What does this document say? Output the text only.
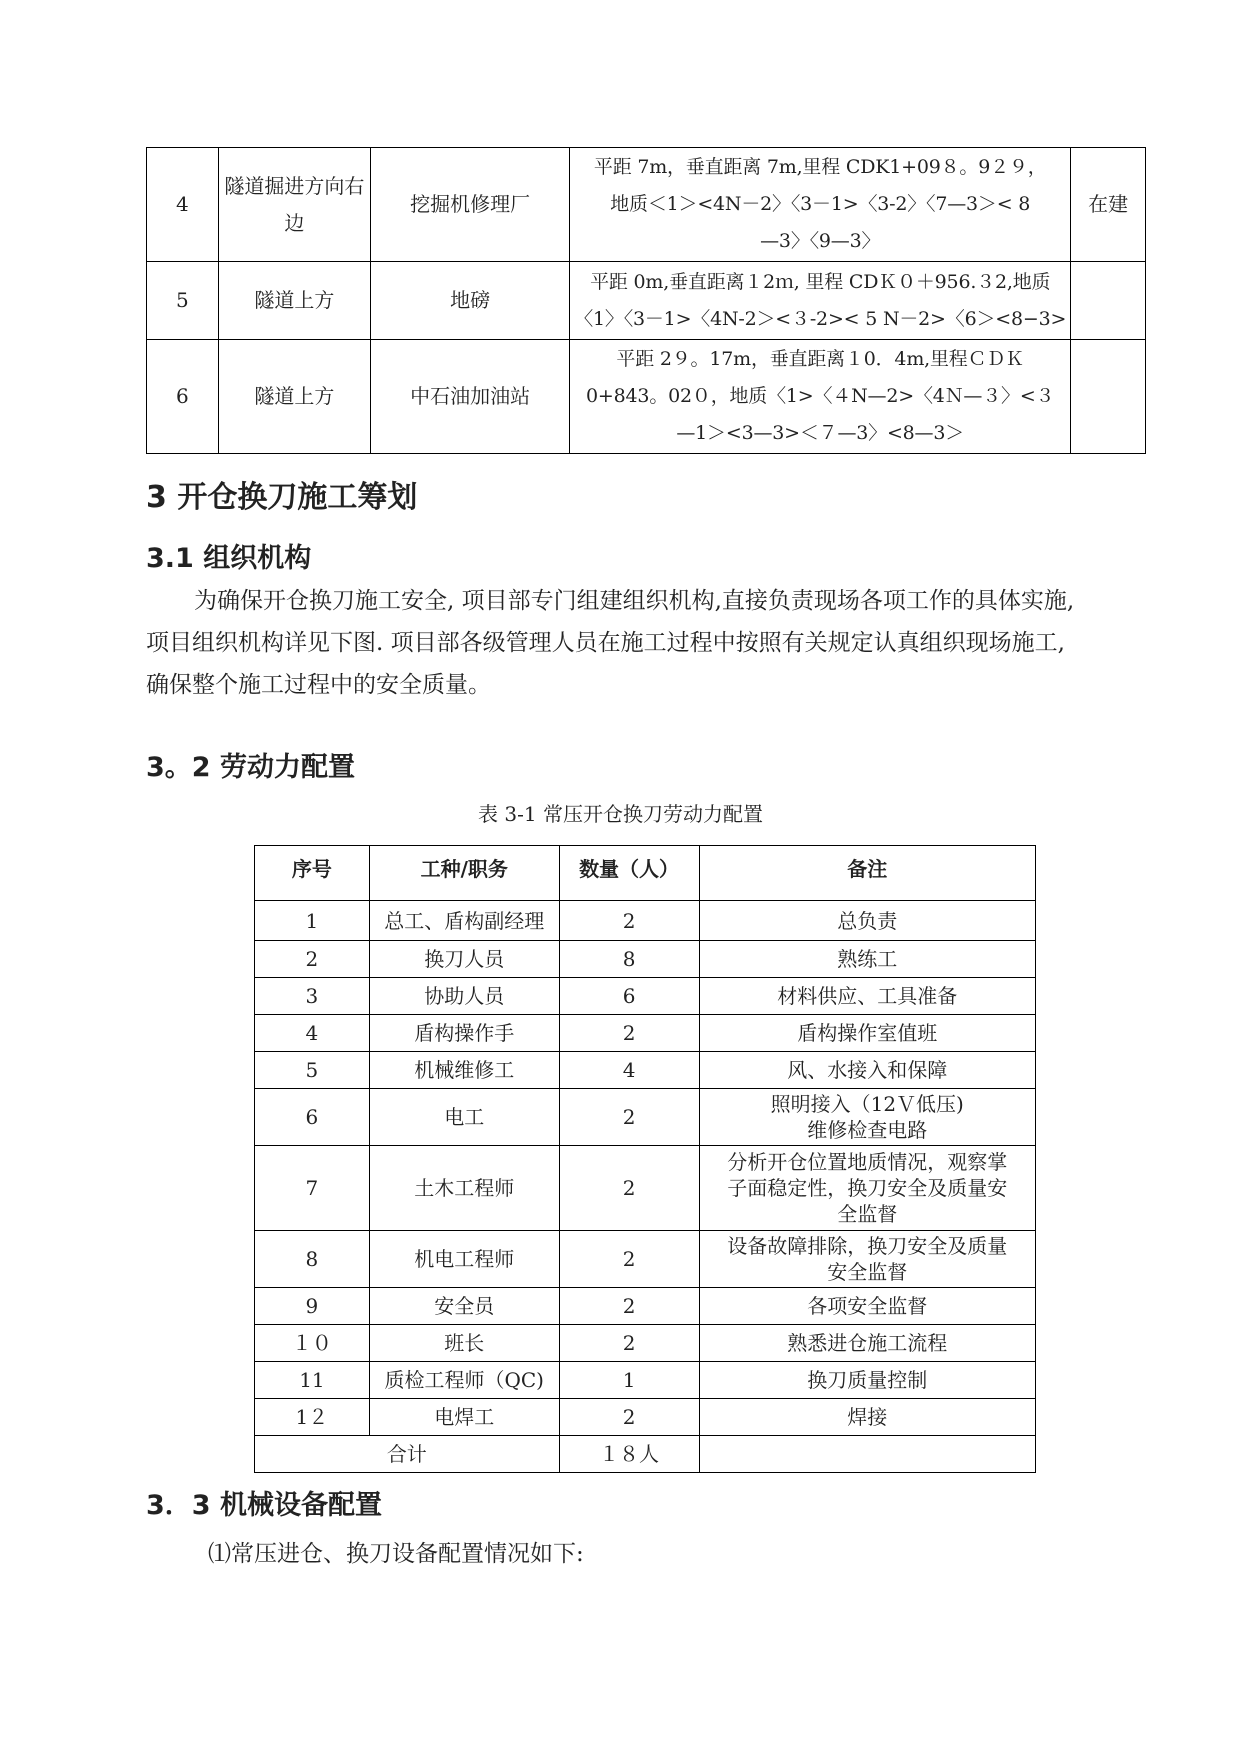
4	隧道掘进方向右边	挖掘机修理厂	平距 7m，垂直距离 7m,里程 CDK1+09８。9２９，
地质＜1＞<4N－2〉〈3－1>〈3-2〉〈7—3＞< 8
—3〉〈9—3〉	在建
5	隧道上方	地磅	平距 0m,垂直距离１2ｍ, 里程 CDＫ０＋956.３2,地质
〈1〉〈3－1>〈4N-2＞<３-2>< 5 N－2>〈6＞<8−3>	

6	隧道上方	中石油加油站	平距 2９。17m，垂直距离１0．4m,里程ＣＤＫ
0+843。02０，地质〈1>〈４N—2>〈4Ｎ—３〉<３
—1＞<3—3>＜７—3〉<8—3＞	

3 开仓换刀施工筹划
3.1 组织机构
为确保开仓换刀施工安全, 项目部专门组建组织机构,直接负责现场各项工作的具体实施,
项目组织机构详见下图. 项目部各级管理人员在施工过程中按照有关规定认真组织现场施工,
确保整个施工过程中的安全质量。
3。2 劳动力配置
表 3-1 常压开仓换刀劳动力配置
序号	工种/职务	数量（人）	备注
1	总工、盾构副经理	2	总负责
2	换刀人员	8	熟练工
3	协助人员	6	材料供应、工具准备
4	盾构操作手	2	盾构操作室值班
5	机械维修工	4	风、水接入和保障
6	电工	2	照明接入（12Ｖ低压)
维修检查电路

7	土木工程师	2	分析开仓位置地质情况，观察掌
子面稳定性，换刀安全及质量安
全监督

8	机电工程师	2	设备故障排除，换刀安全及质量
安全监督

9	安全员	2	各项安全监督
１０	班长	2	熟悉进仓施工流程
11	质检工程师（QC)	1	换刀质量控制
1２	电焊工	2	焊接
合计		１８人	
3．3 机械设备配置
⑴常压进仓、换刀设备配置情况如下:
